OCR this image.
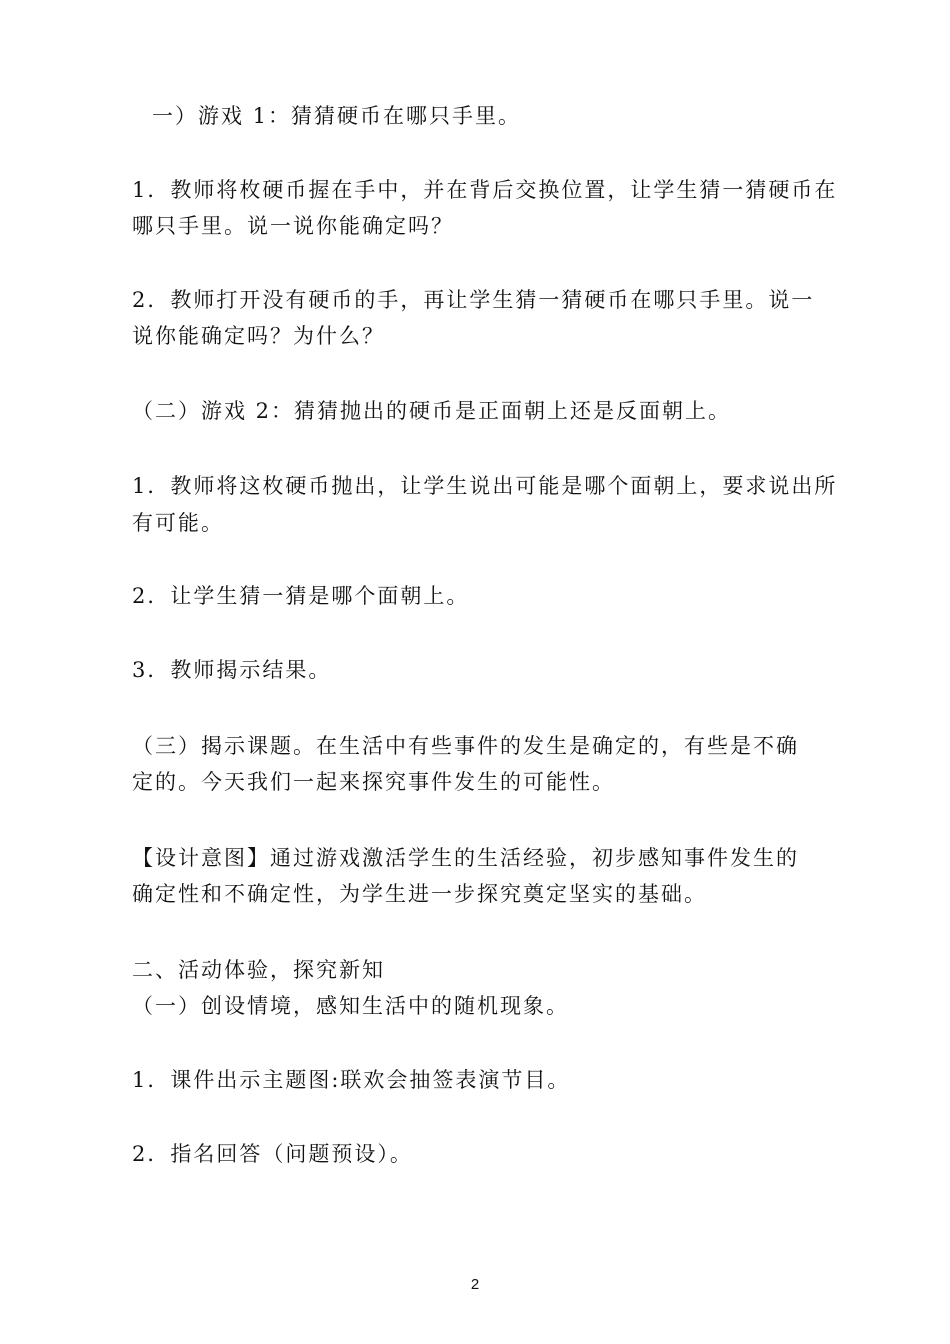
一）游戏 1：猜猜硬币在哪只手里。
1．教师将枚硬币握在手中，并在背后交换位置，让学生猜一猜硬币在
哪只手里。说一说你能确定吗？
2．教师打开没有硬币的手，再让学生猜一猜硬币在哪只手里。说一
说你能确定吗？为什么？
（二）游戏 2：猜猜抛出的硬币是正面朝上还是反面朝上。
1．教师将这枚硬币抛出，让学生说出可能是哪个面朝上，要求说出所
有可能。
2．让学生猜一猜是哪个面朝上。
3．教师揭示结果。
（三）揭示课题。在生活中有些事件的发生是确定的，有些是不确
定的。今天我们一起来探究事件发生的可能性。
【设计意图】通过游戏激活学生的生活经验，初步感知事件发生的
确定性和不确定性，为学生进一步探究奠定坚实的基础。
二、活动体验，探究新知
（一）创设情境，感知生活中的随机现象。
1．课件出示主题图:联欢会抽签表演节目。
2．指名回答（问题预设）。
2
